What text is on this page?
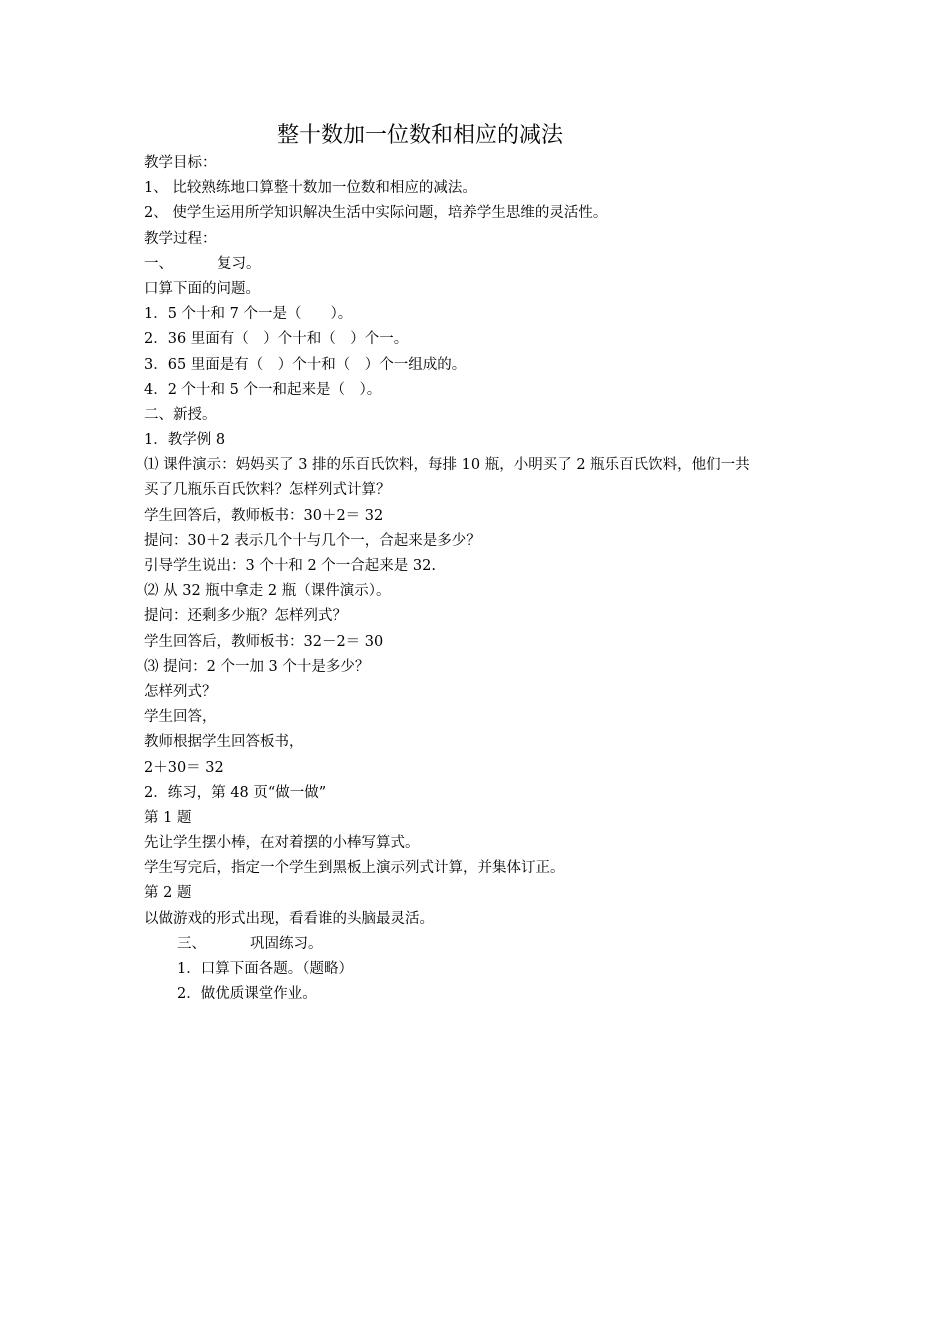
整十数加一位数和相应的减法
教学目标：
1、 比较熟练地口算整十数加一位数和相应的减法。
2、 使学生运用所学知识解决生活中实际问题，培养学生思维的灵活性。
教学过程：
一、	复习。
口算下面的问题。
1．5 个十和 7 个一是（　　）。
2．36 里面有（　）个十和（　）个一。
3．65 里面是有（　）个十和（　）个一组成的。
4．2 个十和 5 个一和起来是（　）。
二、新授。
1．教学例 8
⑴ 课件演示：妈妈买了 3 排的乐百氏饮料，每排 10 瓶，小明买了 2 瓶乐百氏饮料，他们一共
买了几瓶乐百氏饮料？怎样列式计算？
学生回答后，教师板书：30＋2＝ 32
提问：30＋2 表示几个十与几个一，合起来是多少？
引导学生说出：3 个十和 2 个一合起来是 32.
⑵ 从 32 瓶中拿走 2 瓶（课件演示）。
提问：还剩多少瓶？怎样列式？
学生回答后，教师板书：32－2＝ 30
⑶ 提问：2 个一加 3 个十是多少？
怎样列式？
学生回答，
教师根据学生回答板书，
2＋30＝ 32
2．练习，第 48 页“做一做”
第 1 题
先让学生摆小棒，在对着摆的小棒写算式。
学生写完后，指定一个学生到黑板上演示列式计算，并集体订正。
第 2 题
以做游戏的形式出现，看看谁的头脑最灵活。
三、	巩固练习。
1．口算下面各题。（题略）
2．做优质课堂作业。
